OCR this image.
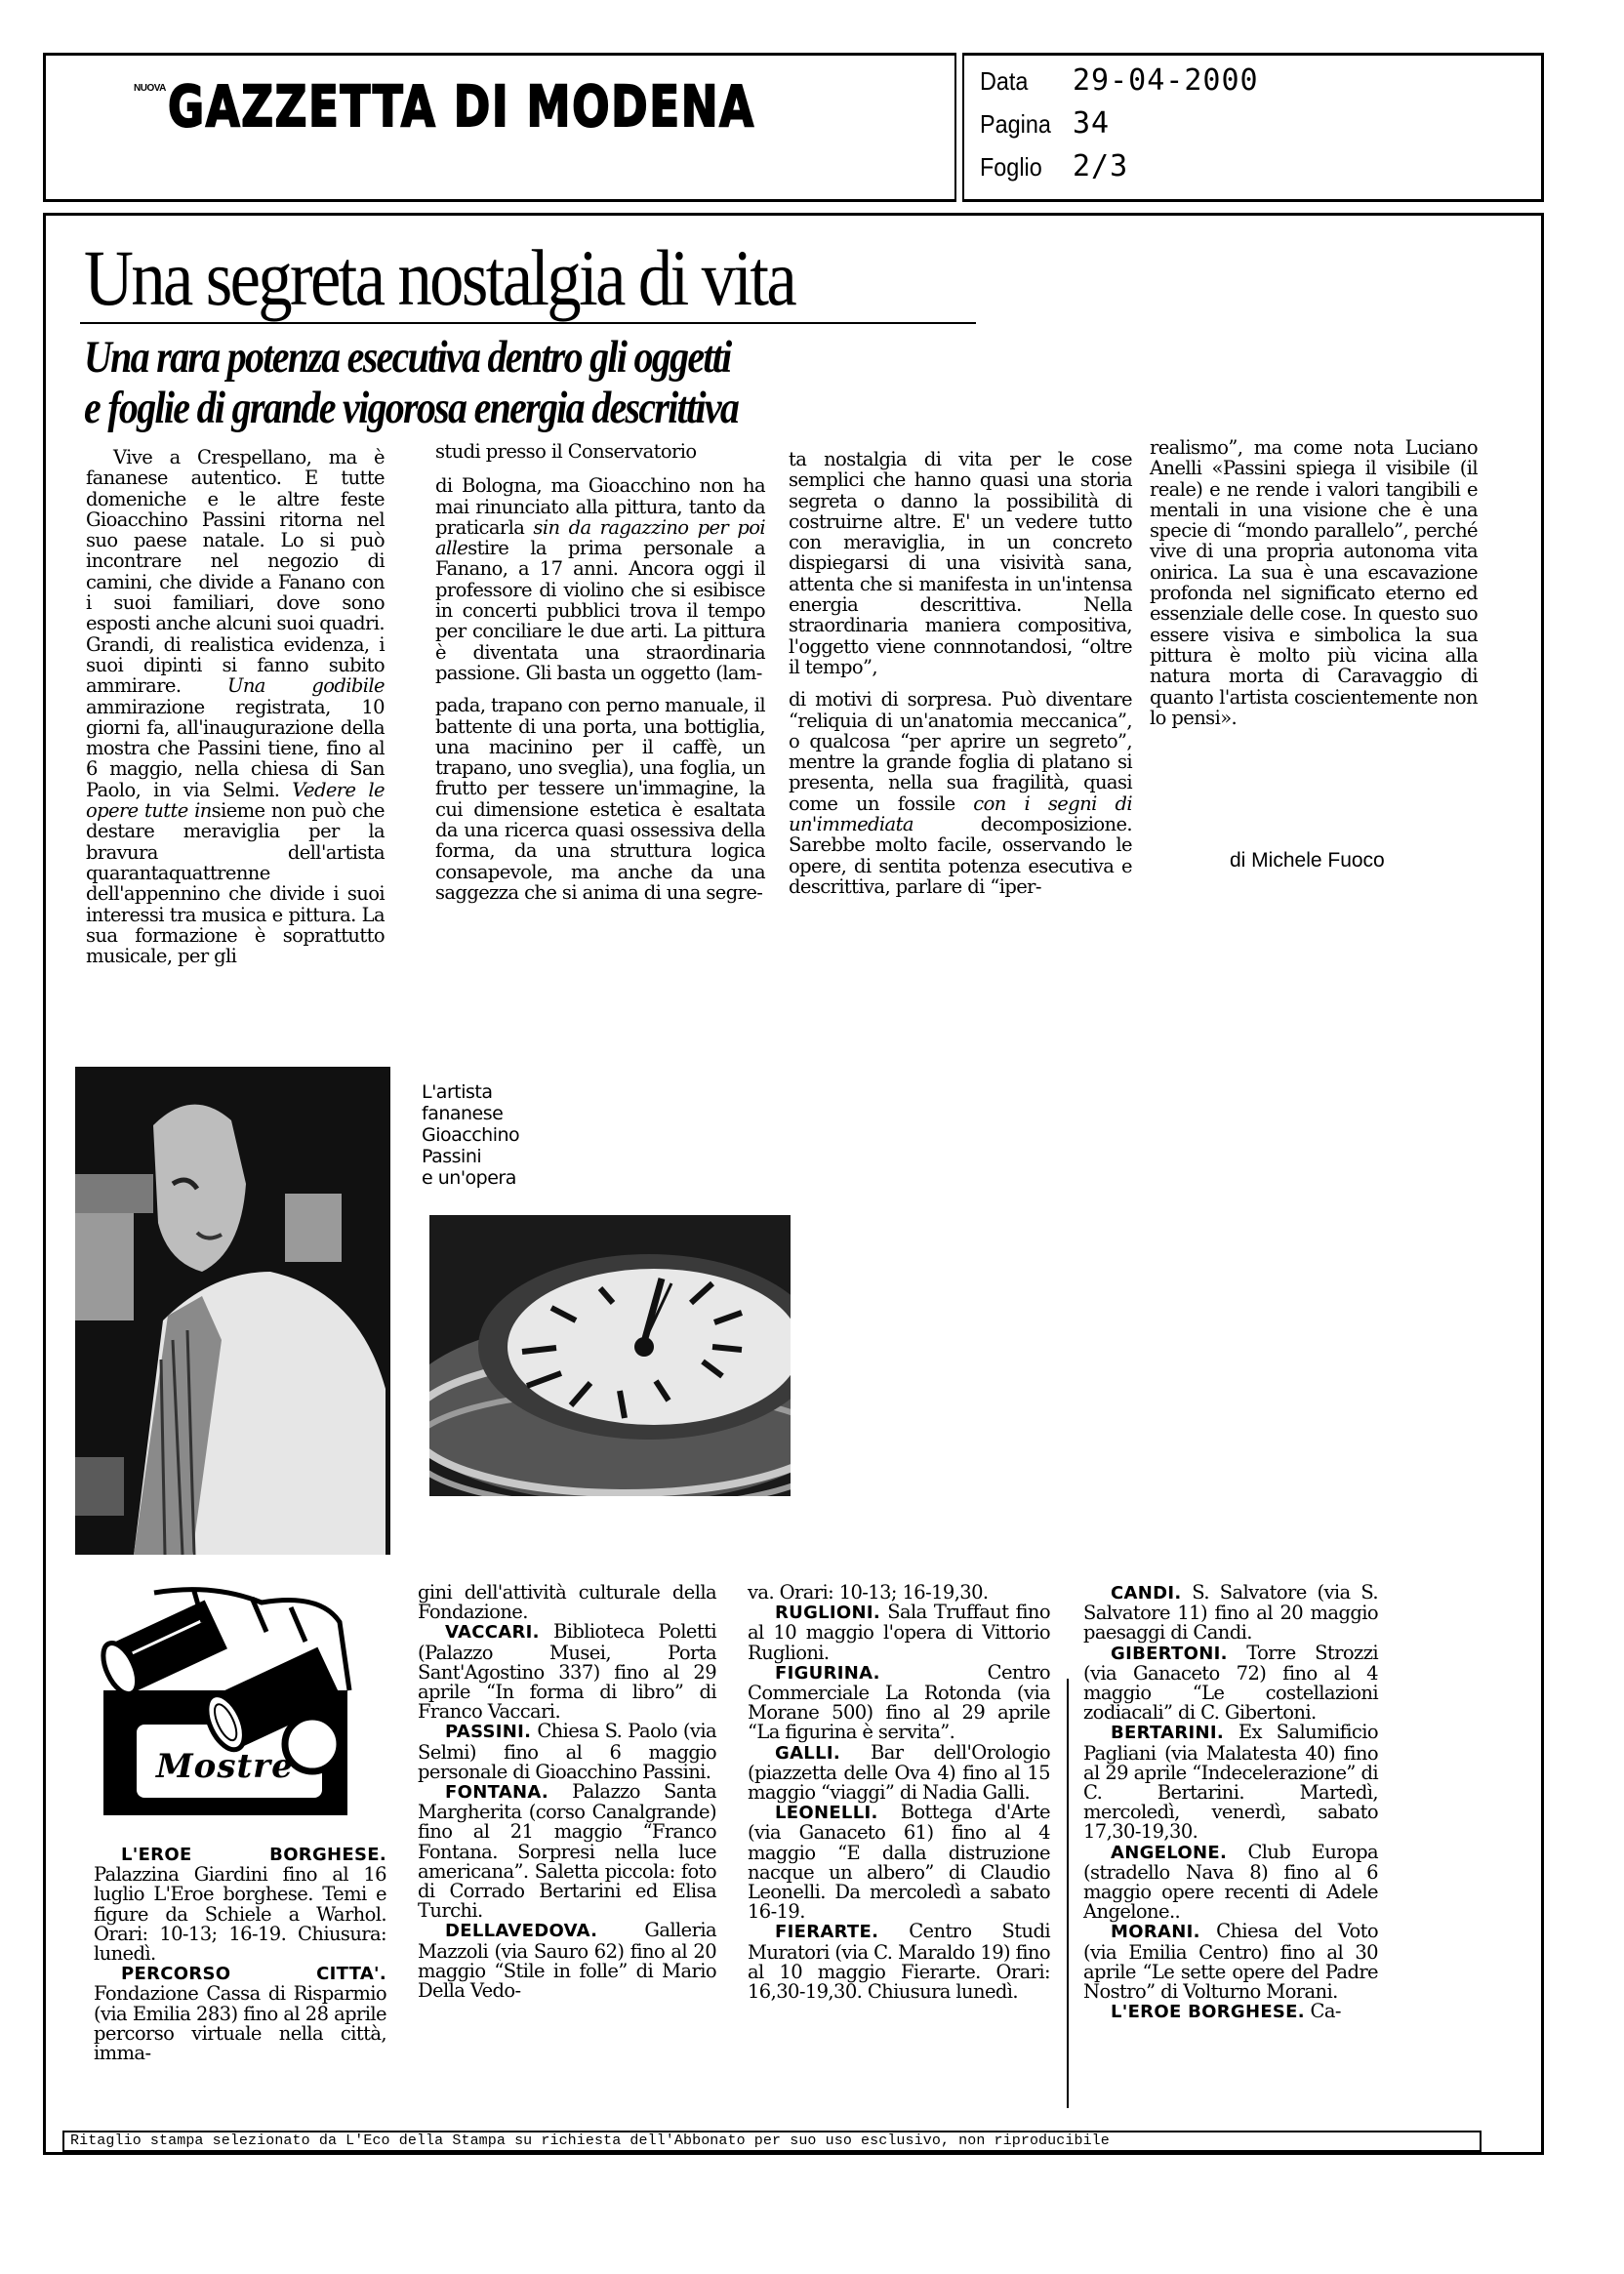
NUOVA GAZZETTA DI MODENA	Data	29-04-2000
Pagina 34
Foglio	2/3
Una segreta nostalgia di vita
Una rara potenza esecutiva dentro gli oggetti
e foglie di grande vigorosa energia descrittiva

Vive a Crespellano, ma è fananese autentico. E tutte domeniche e le altre feste Gioacchino Passini ritorna nel suo paese natale. Lo si può incontrare nel negozio di camini, che divide a Fanano con i suoi familiari, dove sono esposti anche alcuni suoi quadri. Grandi, di realistica evidenza, i suoi dipinti si fanno subito ammirare. Una godibile ammirazione registrata, 10 giorni fa, all'inaugurazione della mostra che Passini tiene, fino al 6 maggio, nella chiesa di San Paolo, in via Selmi. Vedere le opere tutte insieme non può che destare meraviglia per la bravura dell'artista quarantaquattrenne dell'appennino che divide i suoi interessi tra musica e pittura. La sua formazione è soprattutto musicale, per gli

studi presso il Conservatorio

di Bologna, ma Gioacchino non ha mai rinunciato alla pittura, tanto da praticarla sin da ragazzino per poi allestire la prima personale a Fanano, a 17 anni. Ancora oggi il professore di violino che si esibisce in concerti pubblici trova il tempo per conciliare le due arti. La pittura è diventata una straordinaria passione. Gli basta un oggetto (lam-

pada, trapano con perno manuale, il battente di una porta, una bottiglia, una macinino per il caffè, un trapano, uno sveglia), una foglia, un frutto per tessere un'immagine, la cui dimensione estetica è esaltata da una ricerca quasi ossessiva della forma, da una struttura logica consapevole, ma anche da una saggezza che si anima di una segre-

ta nostalgia di vita per le cose semplici che hanno quasi una storia segreta o danno la possibilità di costruirne altre. E' un vedere tutto con meraviglia, in un concreto dispiegarsi di una visività sana, attenta che si manifesta in un'intensa energia descrittiva. Nella straordinaria maniera compositiva, l'oggetto viene connnotandosi, “oltre il tempo”,

di motivi di sorpresa. Può diventare “reliquia di un'anatomia meccanica”, o qualcosa “per aprire un segreto”, mentre la grande foglia di platano si presenta, nella sua fragilità, quasi come un fossile con i segni di un'immediata decomposizione. Sarebbe molto facile, osservando le opere, di sentita potenza esecutiva e descrittiva, parlare di “iper-

realismo”, ma come nota Luciano Anelli «Passini spiega il visibile (il reale) e ne rende i valori tangibili e mentali in una visione che è una specie di “mondo parallelo”, perché vive di una propria autonoma vita onirica. La sua è una escavazione profonda nel significato eterno ed essenziale delle cose. In questo suo essere visiva e simbolica la sua pittura è molto più vicina alla natura morta di Caravaggio di quanto l'artista coscientemente non lo pensi».

di Michele Fuoco
L'artista
fananese
Gioacchino
Passini
e un'opera
Mostre

L'EROE BORGHESE. Palazzina Giardini fino al 16 luglio L'Eroe borghese. Temi e figure da Schiele a Warhol. Orari: 10-13; 16-19. Chiusura: lunedì.

PERCORSO CITTA'. Fondazione Cassa di Risparmio (via Emilia 283) fino al 28 aprile percorso virtuale nella città, imma-

gini dell'attività culturale della Fondazione.

VACCARI. Biblioteca Poletti (Palazzo Musei, Porta Sant'Agostino 337) fino al 29 aprile “In forma di libro” di Franco Vaccari.

PASSINI. Chiesa S. Paolo (via Selmi) fino al 6 maggio personale di Gioacchino Passini.

FONTANA. Palazzo Santa Margherita (corso Canalgrande) fino al 21 maggio “Franco Fontana. Sorpresi nella luce americana”. Saletta piccola: foto di Corrado Bertarini ed Elisa Turchi.

DELLAVEDOVA. Galleria Mazzoli (via Sauro 62) fino al 20 maggio “Stile in folle” di Mario Della Vedo-

va. Orari: 10-13; 16-19,30.

RUGLIONI. Sala Truffaut fino al 10 maggio l'opera di Vittorio Ruglioni.

FIGURINA. Centro Commerciale La Rotonda (via Morane 500) fino al 29 aprile “La figurina è servita”.

GALLI. Bar dell'Orologio (piazzetta delle Ova 4) fino al 15 maggio “viaggi” di Nadia Galli.

LEONELLI. Bottega d'Arte (via Ganaceto 61) fino al 4 maggio “E dalla distruzione nacque un albero” di Claudio Leonelli. Da mercoledì a sabato 16-19.

FIERARTE. Centro Studi Muratori (via C. Maraldo 19) fino al 10 maggio Fierarte. Orari: 16,30-19,30. Chiusura lunedì.

CANDI. S. Salvatore (via S. Salvatore 11) fino al 20 maggio paesaggi di Candi.

GIBERTONI. Torre Strozzi (via Ganaceto 72) fino al 4 maggio “Le costellazioni zodiacali” di C. Gibertoni.

BERTARINI. Ex Salumificio Pagliani (via Malatesta 40) fino al 29 aprile “Indecelerazione” di C. Bertarini. Martedì, mercoledì, venerdì, sabato 17,30-19,30.

ANGELONE. Club Europa (stradello Nava 8) fino al 6 maggio opere recenti di Adele Angelone..

MORANI. Chiesa del Voto (via Emilia Centro) fino al 30 aprile “Le sette opere del Padre Nostro” di Volturno Morani.

L'EROE BORGHESE. Ca-

Ritaglio stampa selezionato da L'Eco della Stampa su richiesta dell'Abbonato per suo uso esclusivo, non riproducibile
